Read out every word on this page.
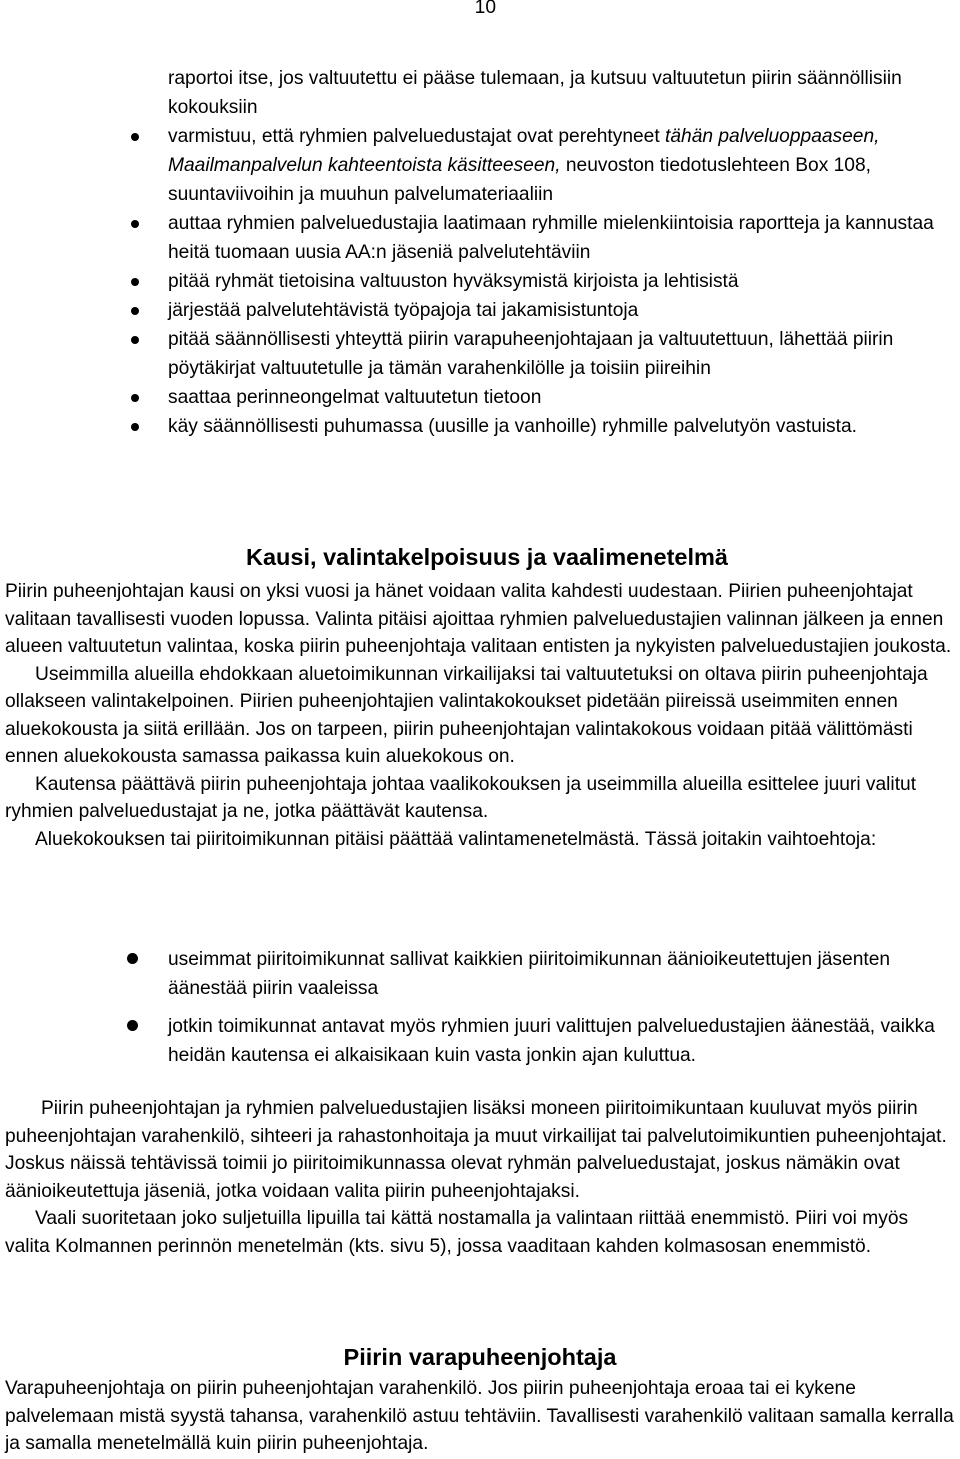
10
raportoi itse, jos valtuutettu ei pääse tulemaan, ja kutsuu valtuutetun piirin säännöllisiin kokouksiin
varmistuu, että ryhmien palveluedustajat ovat perehtyneet tähän palveluoppaaseen, Maailmanpalvelun kahteentoista käsitteeseen, neuvoston tiedotuslehteen Box 108, suuntaviivoihin ja muuhun palvelumateriaaliin
auttaa ryhmien palveluedustajia laatimaan ryhmille mielenkiintoisia raportteja ja kannustaa heitä tuomaan uusia AA:n jäseniä palvelutehtäviin
pitää ryhmät tietoisina valtuuston hyväksymistä kirjoista ja lehtisistä
järjestää palvelutehtävistä työpajoja tai jakamisistuntoja
pitää säännöllisesti yhteyttä piirin varapuheenjohtajaan ja valtuutettuun, lähettää piirin pöytäkirjat valtuutetulle ja tämän varahenkilölle ja toisiin piireihin
saattaa perinneongelmat valtuutetun tietoon
käy säännöllisesti puhumassa (uusille ja vanhoille) ryhmille palvelutyön vastuista.
Kausi, valintakelpoisuus ja vaalimenetelmä

Piirin puheenjohtajan kausi on yksi vuosi ja hänet voidaan valita kahdesti uudestaan. Piirien puheenjohtajat valitaan tavallisesti vuoden lopussa. Valinta pitäisi ajoittaa ryhmien palveluedustajien valinnan jälkeen ja ennen alueen valtuutetun valintaa, koska piirin puheenjohtaja valitaan entisten ja nykyisten palveluedustajien joukosta.

Useimmilla alueilla ehdokkaan aluetoimikunnan virkailijaksi tai valtuutetuksi on oltava piirin puheenjohtaja ollakseen valintakelpoinen. Piirien puheenjohtajien valintakokoukset pidetään piireissä useimmiten ennen aluekokousta ja siitä erillään. Jos on tarpeen, piirin puheenjohtajan valintakokous voidaan pitää välittömästi ennen aluekokousta samassa paikassa kuin aluekokous on.

Kautensa päättävä piirin puheenjohtaja johtaa vaalikokouksen ja useimmilla alueilla esittelee juuri valitut ryhmien palveluedustajat ja ne, jotka päättävät kautensa.

Aluekokouksen tai piiritoimikunnan pitäisi päättää valintamenetelmästä. Tässä joitakin vaihtoehtoja:

useimmat piiritoimikunnat sallivat kaikkien piiritoimikunnan äänioikeutettujen jäsenten äänestää piirin vaaleissa
jotkin toimikunnat antavat myös ryhmien juuri valittujen palveluedustajien äänestää, vaikka heidän kautensa ei alkaisikaan kuin vasta jonkin ajan kuluttua.

Piirin puheenjohtajan ja ryhmien palveluedustajien lisäksi moneen piiritoimikuntaan kuuluvat myös piirin puheenjohtajan varahenkilö, sihteeri ja rahastonhoitaja ja muut virkailijat tai palvelutoimikuntien puheenjohtajat. Joskus näissä tehtävissä toimii jo piiritoimikunnassa olevat ryhmän palveluedustajat, joskus nämäkin ovat äänioikeutettuja jäseniä, jotka voidaan valita piirin puheenjohtajaksi.

Vaali suoritetaan joko suljetuilla lipuilla tai kättä nostamalla ja valintaan riittää enemmistö. Piiri voi myös valita Kolmannen perinnön menetelmän (kts. sivu 5), jossa vaaditaan kahden kolmasosan enemmistö.

Piirin varapuheenjohtaja

Varapuheenjohtaja on piirin puheenjohtajan varahenkilö. Jos piirin puheenjohtaja eroaa tai ei kykene palvelemaan mistä syystä tahansa, varahenkilö astuu tehtäviin. Tavallisesti varahenkilö valitaan samalla kerralla ja samalla menetelmällä kuin piirin puheenjohtaja.
